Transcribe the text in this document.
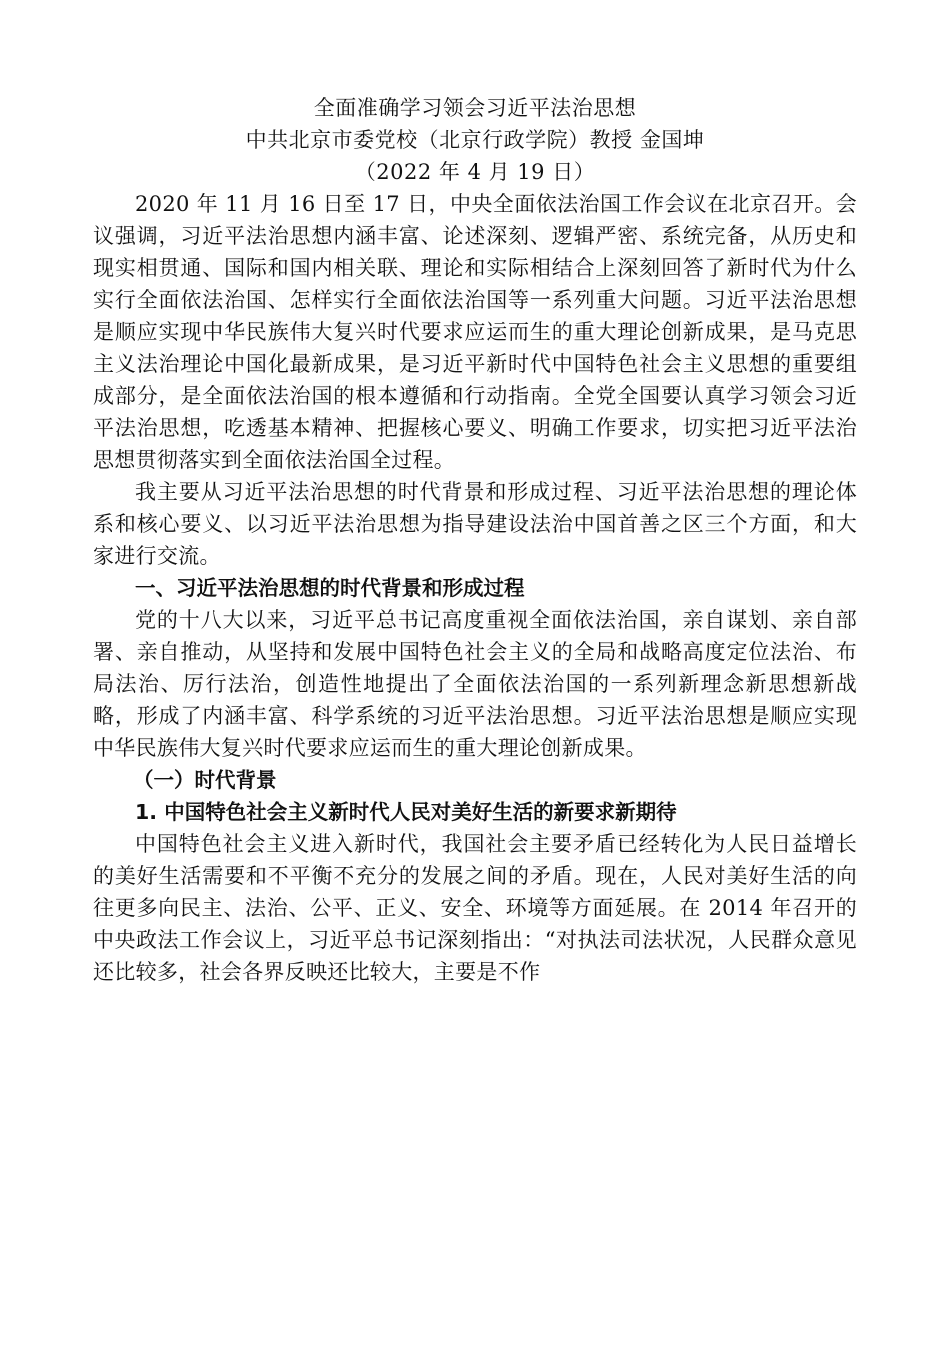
全面准确学习领会习近平法治思想
中共北京市委党校（北京行政学院）教授 金国坤
（2022 年 4 月 19 日）

2020 年 11 月 16 日至 17 日，中央全面依法治国工作会议在北京召开。会议强调，习近平法治思想内涵丰富、论述深刻、逻辑严密、系统完备，从历史和现实相贯通、国际和国内相关联、理论和实际相结合上深刻回答了新时代为什么实行全面依法治国、怎样实行全面依法治国等一系列重大问题。习近平法治思想是顺应实现中华民族伟大复兴时代要求应运而生的重大理论创新成果，是马克思主义法治理论中国化最新成果，是习近平新时代中国特色社会主义思想的重要组成部分，是全面依法治国的根本遵循和行动指南。全党全国要认真学习领会习近平法治思想，吃透基本精神、把握核心要义、明确工作要求，切实把习近平法治思想贯彻落实到全面依法治国全过程。

我主要从习近平法治思想的时代背景和形成过程、习近平法治思想的理论体系和核心要义、以习近平法治思想为指导建设法治中国首善之区三个方面，和大家进行交流。

一、习近平法治思想的时代背景和形成过程

党的十八大以来，习近平总书记高度重视全面依法治国，亲自谋划、亲自部署、亲自推动，从坚持和发展中国特色社会主义的全局和战略高度定位法治、布局法治、厉行法治，创造性地提出了全面依法治国的一系列新理念新思想新战略，形成了内涵丰富、科学系统的习近平法治思想。习近平法治思想是顺应实现中华民族伟大复兴时代要求应运而生的重大理论创新成果。

（一）时代背景
1. 中国特色社会主义新时代人民对美好生活的新要求新期待

中国特色社会主义进入新时代，我国社会主要矛盾已经转化为人民日益增长的美好生活需要和不平衡不充分的发展之间的矛盾。现在，人民对美好生活的向往更多向民主、法治、公平、正义、安全、环境等方面延展。在 2014 年召开的中央政法工作会议上，习近平总书记深刻指出：“对执法司法状况，人民群众意见还比较多，社会各界反映还比较大，主要是不作
